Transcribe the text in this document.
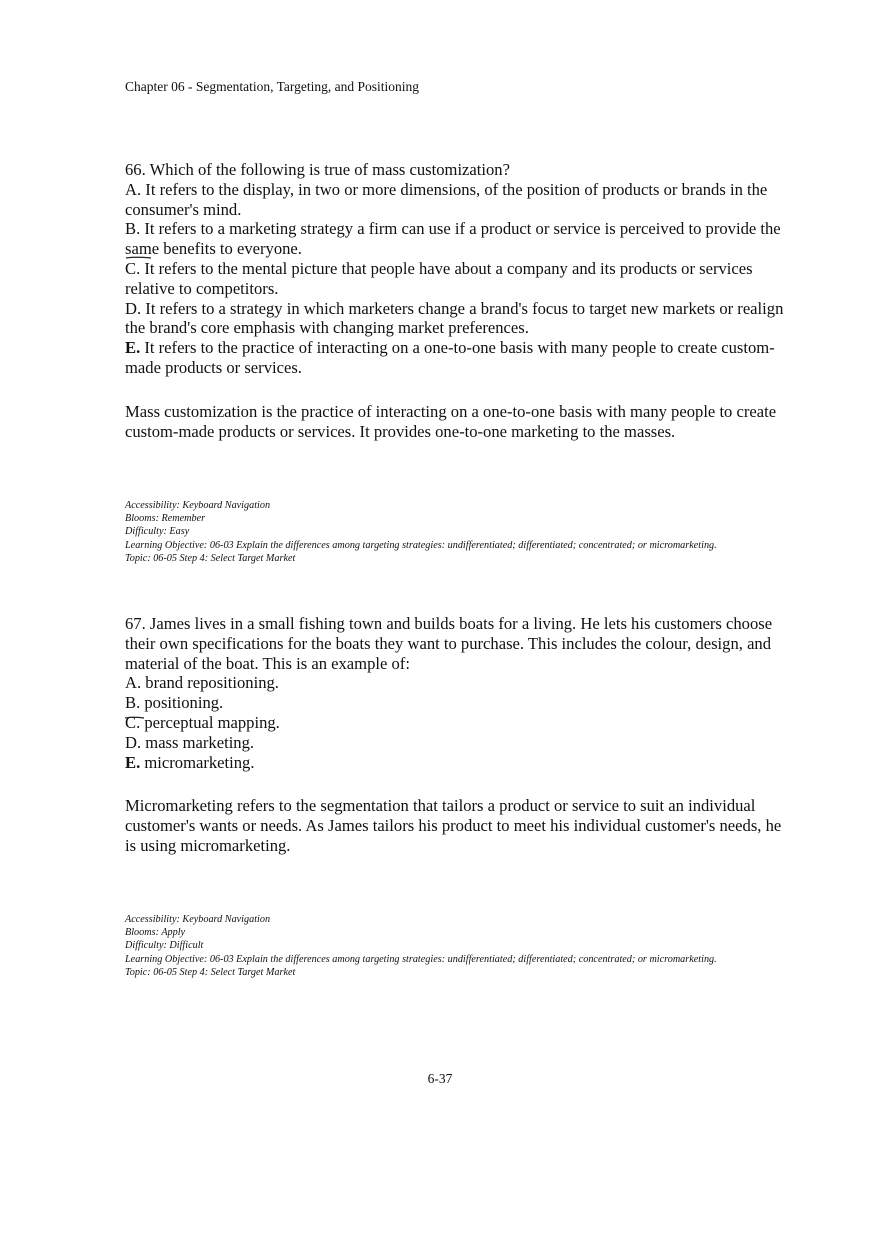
Chapter 06 - Segmentation, Targeting, and Positioning
66. Which of the following is true of mass customization?
A. It refers to the display, in two or more dimensions, of the position of products or brands in the consumer's mind.
B. It refers to a marketing strategy a firm can use if a product or service is perceived to provide the same benefits to everyone.
C. It refers to the mental picture that people have about a company and its products or services relative to competitors.
D. It refers to a strategy in which marketers change a brand's focus to target new markets or realign the brand's core emphasis with changing market preferences.
E. It refers to the practice of interacting on a one-to-one basis with many people to create custom-made products or services.
Mass customization is the practice of interacting on a one-to-one basis with many people to create custom-made products or services. It provides one-to-one marketing to the masses.
Accessibility: Keyboard Navigation
Blooms: Remember
Difficulty: Easy
Learning Objective: 06-03 Explain the differences among targeting strategies: undifferentiated; differentiated; concentrated; or micromarketing.
Topic: 06-05 Step 4: Select Target Market
67. James lives in a small fishing town and builds boats for a living. He lets his customers choose their own specifications for the boats they want to purchase. This includes the colour, design, and material of the boat. This is an example of:
A. brand repositioning.
B. positioning.
C. perceptual mapping.
D. mass marketing.
E. micromarketing.
Micromarketing refers to the segmentation that tailors a product or service to suit an individual customer's wants or needs. As James tailors his product to meet his individual customer's needs, he is using micromarketing.
Accessibility: Keyboard Navigation
Blooms: Apply
Difficulty: Difficult
Learning Objective: 06-03 Explain the differences among targeting strategies: undifferentiated; differentiated; concentrated; or micromarketing.
Topic: 06-05 Step 4: Select Target Market
6-37
